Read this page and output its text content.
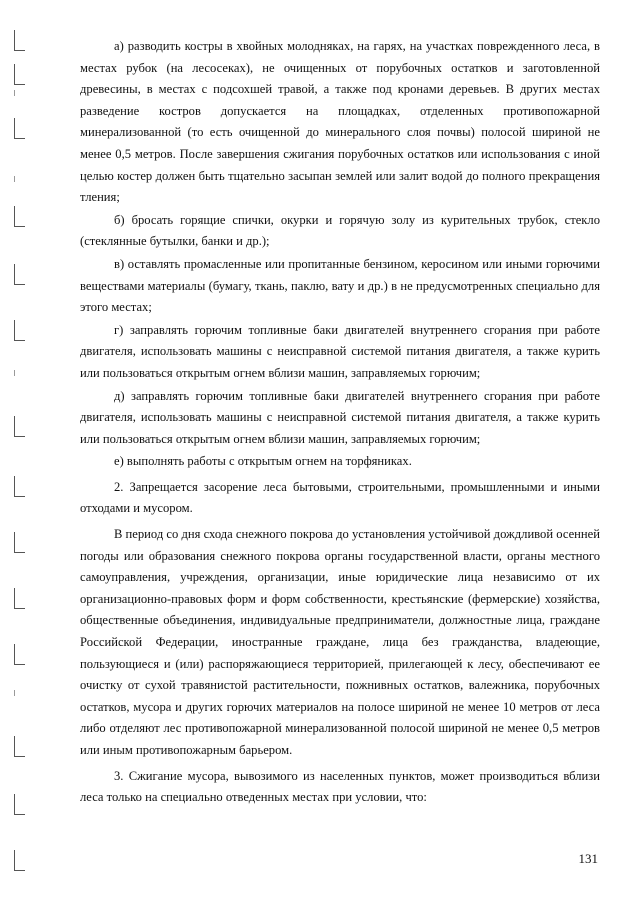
а) разводить костры в хвойных молодняках, на гарях, на участках поврежденного леса, в местах рубок (на лесосеках), не очищенных от порубочных остатков и заготовленной древесины, в местах с подсохшей травой, а также под кронами деревьев. В других местах разведение костров допускается на площадках, отделенных противопожарной минерализованной (то есть очищенной до минерального слоя почвы) полосой шириной не менее 0,5 метров. После завершения сжигания порубочных остатков или использования с иной целью костер должен быть тщательно засыпан землей или залит водой до полного прекращения тления;

б) бросать горящие спички, окурки и горячую золу из курительных трубок, стекло (стеклянные бутылки, банки и др.);

в) оставлять промасленные или пропитанные бензином, керосином или иными горючими веществами материалы (бумагу, ткань, паклю, вату и др.) в не предусмотренных специально для этого местах;

г) заправлять горючим топливные баки двигателей внутреннего сгорания при работе двигателя, использовать машины с неисправной системой питания двигателя, а также курить или пользоваться открытым огнем вблизи машин, заправляемых горючим;

д) заправлять горючим топливные баки двигателей внутреннего сгорания при работе двигателя, использовать машины с неисправной системой питания двигателя, а также курить или пользоваться открытым огнем вблизи машин, заправляемых горючим;

е) выполнять работы с открытым огнем на торфяниках.

2. Запрещается засорение леса бытовыми, строительными, промышленными и иными отходами и мусором.

В период со дня схода снежного покрова до установления устойчивой дождливой осенней погоды или образования снежного покрова органы государственной власти, органы местного самоуправления, учреждения, организации, иные юридические лица независимо от их организационно-правовых форм и форм собственности, крестьянские (фермерские) хозяйства, общественные объединения, индивидуальные предприниматели, должностные лица, граждане Российской Федерации, иностранные граждане, лица без гражданства, владеющие, пользующиеся и (или) распоряжающиеся территорией, прилегающей к лесу, обеспечивают ее очистку от сухой травянистой растительности, пожнивных остатков, валежника, порубочных остатков, мусора и других горючих материалов на полосе шириной не менее 10 метров от леса либо отделяют лес противопожарной минерализованной полосой шириной не менее 0,5 метров или иным противопожарным барьером.

3. Сжигание мусора, вывозимого из населенных пунктов, может производиться вблизи леса только на специально отведенных местах при условии, что:

131
